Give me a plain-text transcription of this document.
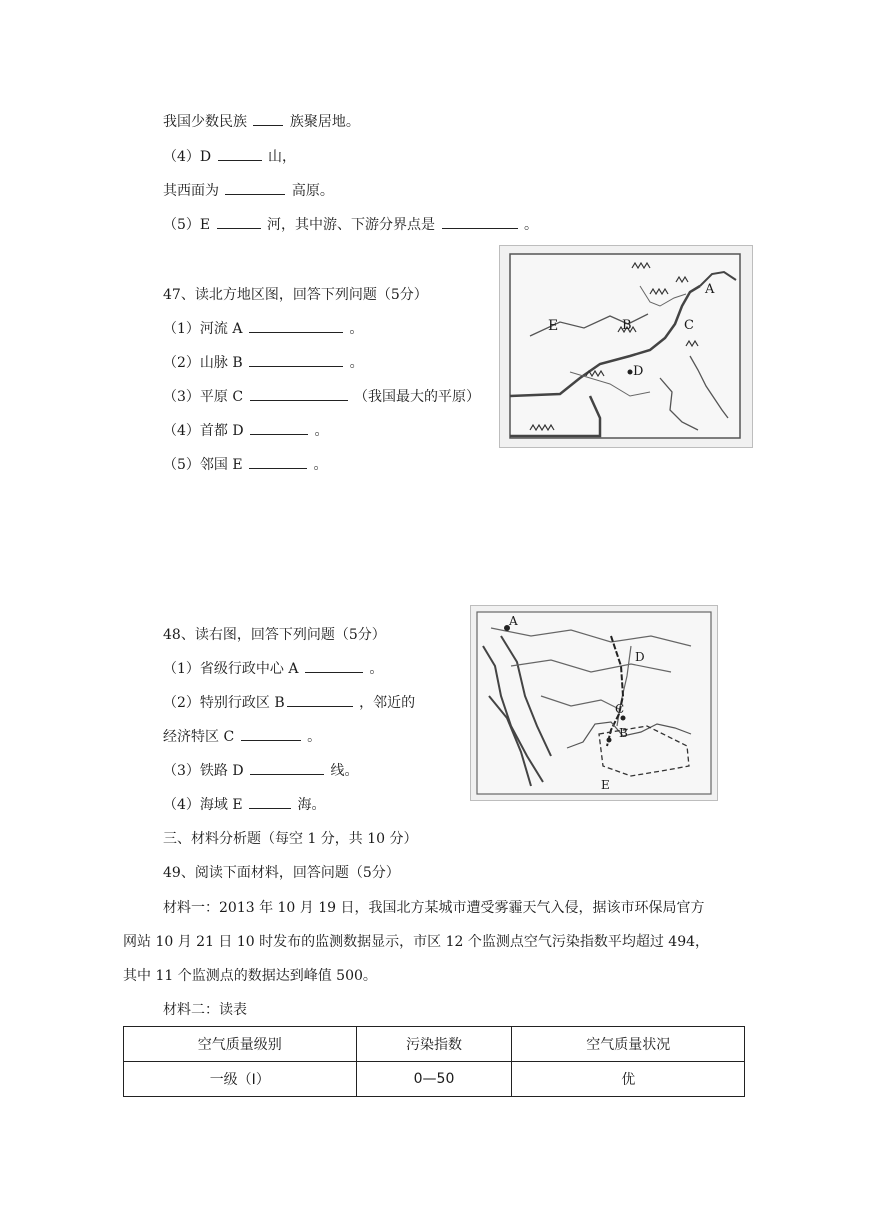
我国少数民族	族聚居地。
（4）D	山，
其西面为	高原。
（5）E	河，其中游、下游分界点是	。
47、读北方地区图，回答下列问题（5分）
（1）河流 A	。
（2）山脉 B	。
（3）平原 C	（我国最大的平原）
（4）首都 D	。
（5）邻国 E	。
A
B	C
D
E
48、读右图，回答下列问题（5分）
（1）省级行政中心 A	。
（2）特别行政区 B	，邻近的
经济特区 C	。
（3）铁路 D	线。
（4）海域 E	海。
A
B
C
D
E
三、材料分析题（每空 1 分，共 10 分）
49、阅读下面材料，回答问题（5分）
材料一：2013 年 10 月 19 日，我国北方某城市遭受雾霾天气入侵，据该市环保局官方
网站 10 月 21 日 10 时发布的监测数据显示，市区 12 个监测点空气污染指数平均超过 494，
其中 11 个监测点的数据达到峰值 500。
材料二：读表
空气质量级别	污染指数	空气质量状况
一级（Ⅰ）	0—50	优
